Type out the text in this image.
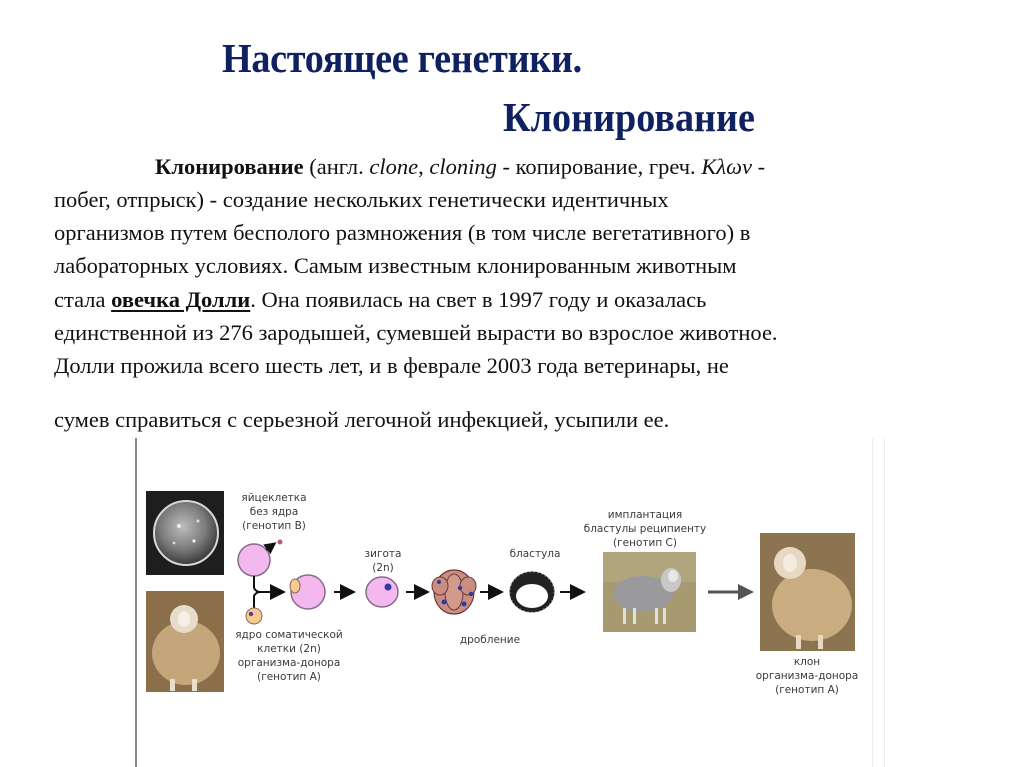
Настоящее генетики.
Клонирование
Клонирование (англ. clone, cloning - копирование, греч. Κλων -
побег, отпрыск) - создание нескольких генетически идентичных
организмов путем бесполого размножения (в том числе вегетативного) в
лабораторных условиях. Самым известным клонированным животным
стала овечка Долли. Она появилась на свет в 1997 году и оказалась
единственной из 276 зародышей, сумевшей вырасти во взрослое животное.
Долли прожила всего шесть лет, и в феврале 2003 года ветеринары, не
сумев справиться с серьезной легочной инфекцией, усыпили ее.
яйцеклетка
без ядра
(генотип В)
ядро соматической
клетки (2n)
организма-донора
(генотип А)
зигота
(2n)
бластула
дробление
имплантация
бластулы реципиенту
(генотип С)
клон
организма-донора
(генотип А)
